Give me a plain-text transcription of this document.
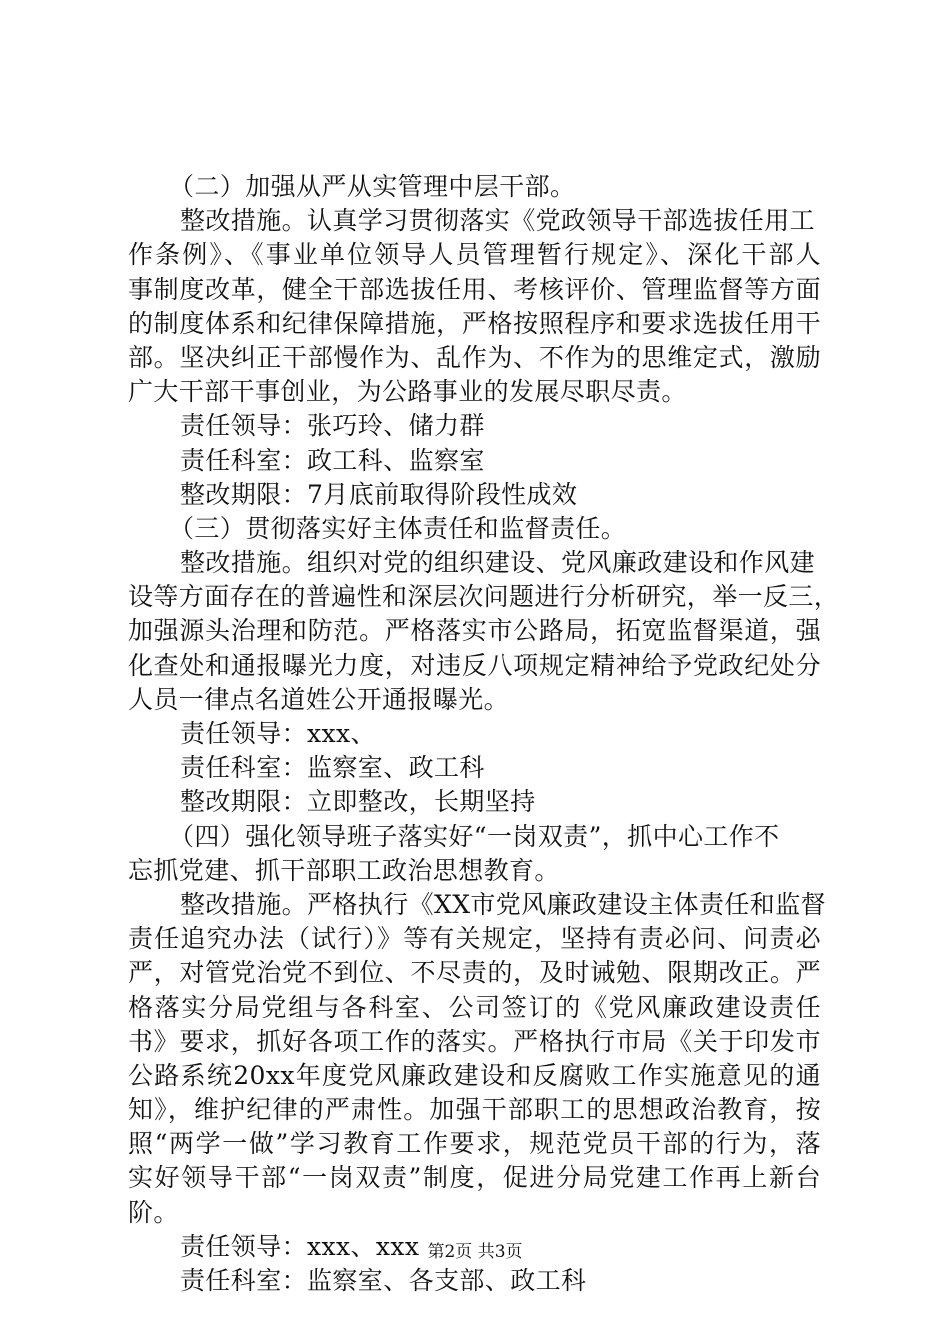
（二）加强从严从实管理中层干部。
整改措施。认真学习贯彻落实《党政领导干部选拔任用工
作条例》、《事业单位领导人员管理暂行规定》、深化干部人
事制度改革，健全干部选拔任用、考核评价、管理监督等方面
的制度体系和纪律保障措施，严格按照程序和要求选拔任用干
部。坚决纠正干部慢作为、乱作为、不作为的思维定式，激励
广大干部干事创业，为公路事业的发展尽职尽责。
责任领导：张巧玲、储力群
责任科室：政工科、监察室
整改期限：7月底前取得阶段性成效
（三）贯彻落实好主体责任和监督责任。
整改措施。组织对党的组织建设、党风廉政建设和作风建
设等方面存在的普遍性和深层次问题进行分析研究，举一反三，
加强源头治理和防范。严格落实市公路局，拓宽监督渠道，强
化查处和通报曝光力度，对违反八项规定精神给予党政纪处分
人员一律点名道姓公开通报曝光。
责任领导：xxx、
责任科室：监察室、政工科
整改期限：立即整改，长期坚持
（四）强化领导班子落实好“一岗双责”，抓中心工作不
忘抓党建、抓干部职工政治思想教育。
整改措施。严格执行《XX市党风廉政建设主体责任和监督
责任追究办法（试行）》等有关规定，坚持有责必问、问责必
严，对管党治党不到位、不尽责的，及时诫勉、限期改正。严
格落实分局党组与各科室、公司签订的《党风廉政建设责任
书》要求，抓好各项工作的落实。严格执行市局《关于印发市
公路系统20xx年度党风廉政建设和反腐败工作实施意见的通
知》，维护纪律的严肃性。加强干部职工的思想政治教育，按
照“两学一做”学习教育工作要求，规范党员干部的行为，落
实好领导干部“一岗双责”制度，促进分局党建工作再上新台
阶。
责任领导：xxx、xxx
责任科室：监察室、各支部、政工科
第2页 共3页
